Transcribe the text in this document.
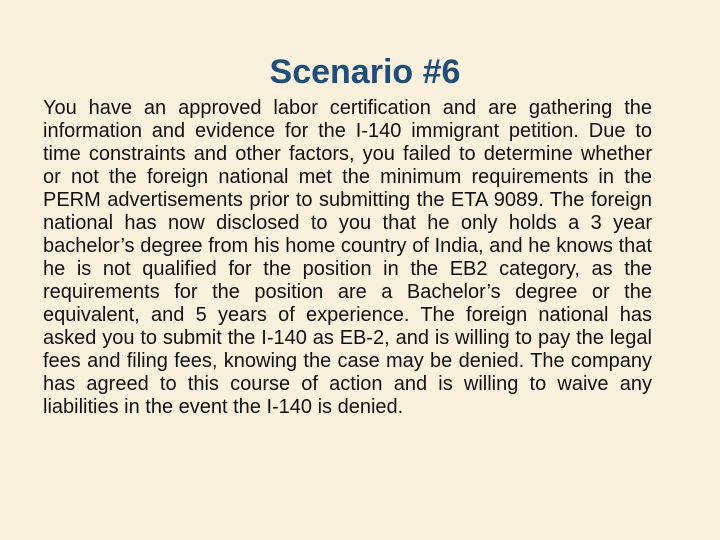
Scenario #6

You have an approved labor certification and are gathering the information and evidence for the I-140 immigrant petition. Due to time constraints and other factors, you failed to determine whether or not the foreign national met the minimum requirements in the PERM advertisements prior to submitting the ETA 9089. The foreign national has now disclosed to you that he only holds a 3 year bachelor’s degree from his home country of India, and he knows that he is not qualified for the position in the EB2 category, as the requirements for the position are a Bachelor’s degree or the equivalent, and 5 years of experience. The foreign national has asked you to submit the I-140 as EB-2, and is willing to pay the legal fees and filing fees, knowing the case may be denied. The company has agreed to this course of action and is willing to waive any liabilities in the event the I-140 is denied.
